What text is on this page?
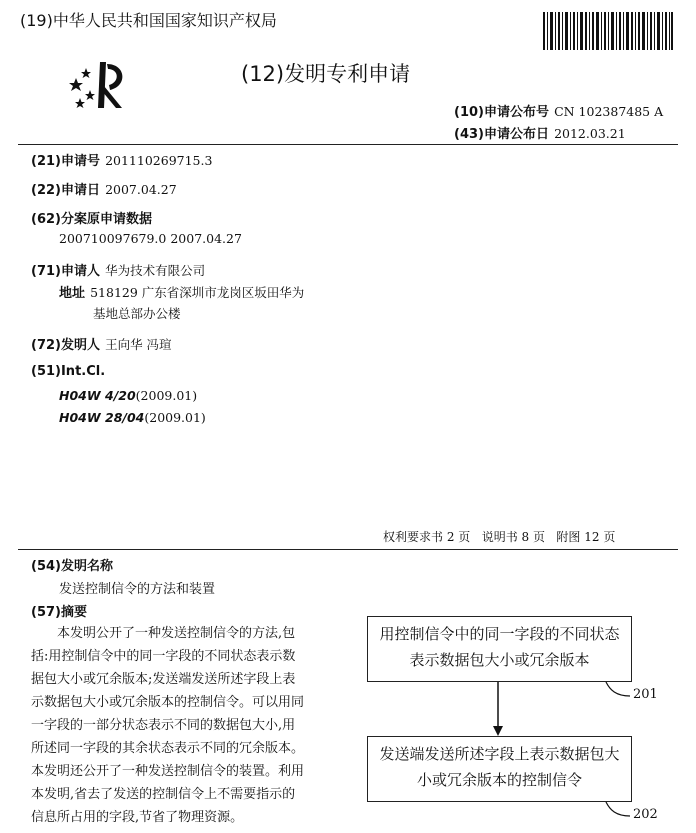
(19)中华人民共和国国家知识产权局
(12)发明专利申请
(10)申请公布号 CN 102387485 A
(43)申请公布日 2012.03.21
(21)申请号 201110269715.3
(22)申请日 2007.04.27
(62)分案原申请数据
200710097679.0 2007.04.27
(71)申请人 华为技术有限公司
地址 518129 广东省深圳市龙岗区坂田华为
基地总部办公楼
(72)发明人 王向华 冯瑄
(51)Int.Cl.
H04W 4/20(2009.01)
H04W 28/04(2009.01)
权利要求书 2 页   说明书 8 页   附图 12 页
(54)发明名称
发送控制信令的方法和装置
(57)摘要
本发明公开了一种发送控制信令的方法,包
括:用控制信令中的同一字段的不同状态表示数
据包大小或冗余版本;发送端发送所述字段上表
示数据包大小或冗余版本的控制信令。可以用同
一字段的一部分状态表示不同的数据包大小,用
所述同一字段的其余状态表示不同的冗余版本。
本发明还公开了一种发送控制信令的装置。利用
本发明,省去了发送的控制信令上不需要指示的
信息所占用的字段,节省了物理资源。
用控制信令中的同一字段的不同状态表示数据包大小或冗余版本
发送端发送所述字段上表示数据包大小或冗余版本的控制信令
201
202
